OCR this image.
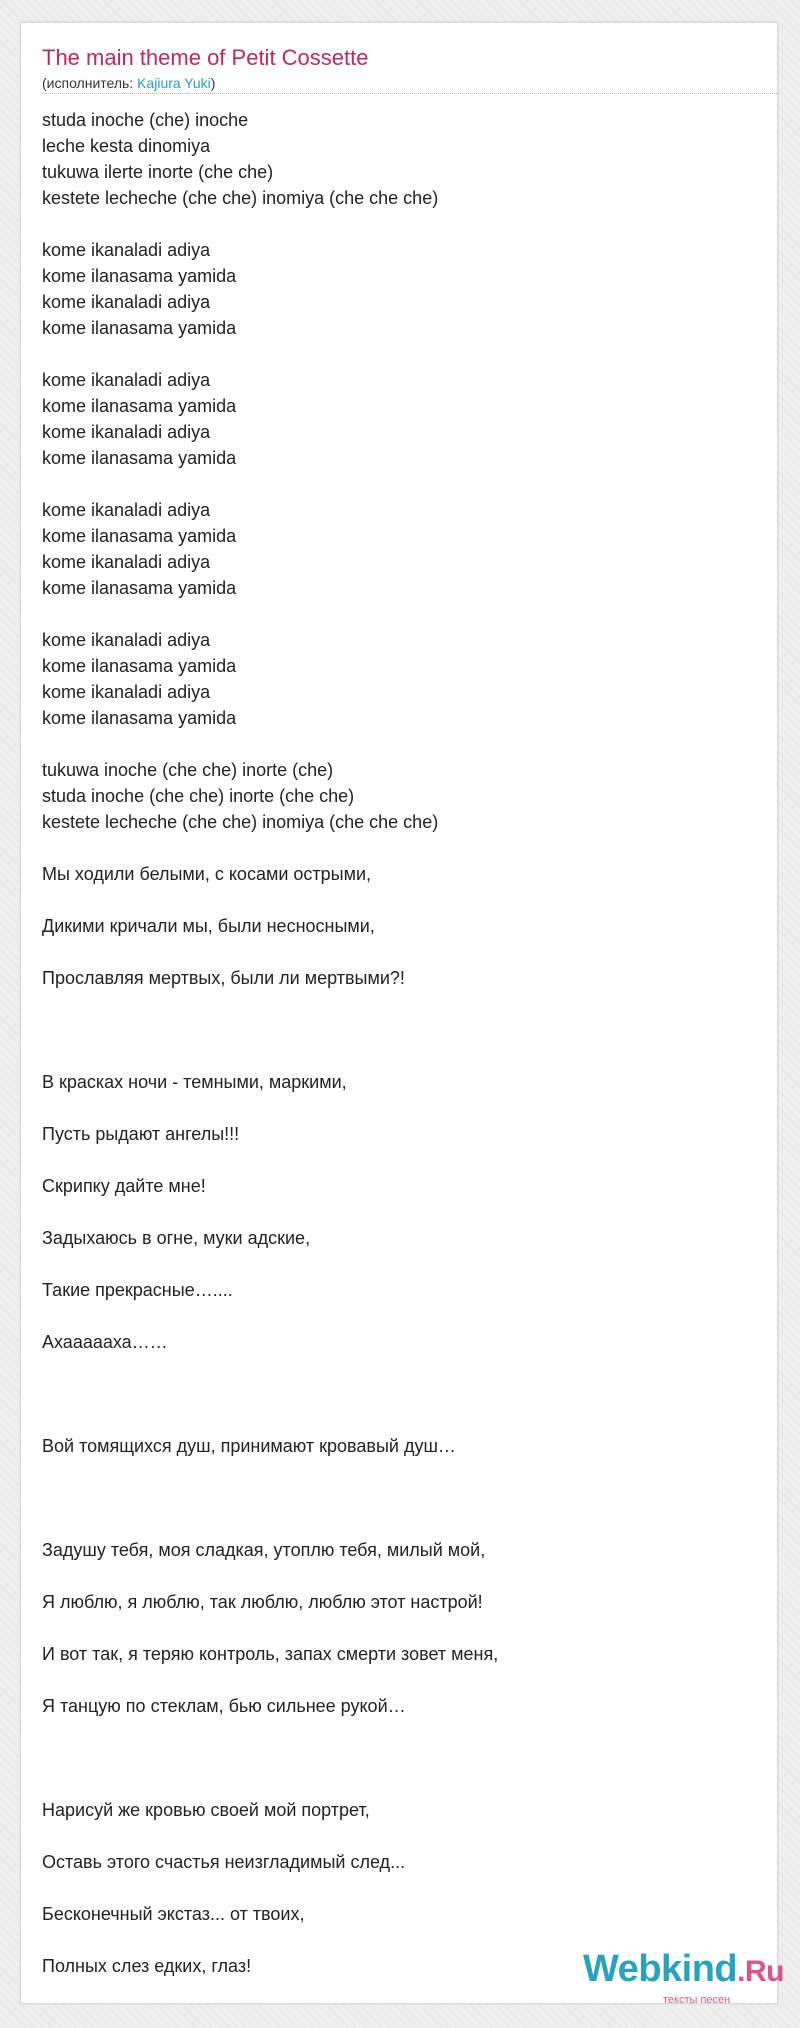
The main theme of Petit Cossette
(исполнитель: Kajiura Yuki)
studa inoche (che) inoche
leche kesta dinomiya
tukuwa ilerte inorte (che che)
kestete lecheche (che che) inomiya (che che che)
kome ikanaladi adiya
kome ilanasama yamida
kome ikanaladi adiya
kome ilanasama yamida
kome ikanaladi adiya
kome ilanasama yamida
kome ikanaladi adiya
kome ilanasama yamida
kome ikanaladi adiya
kome ilanasama yamida
kome ikanaladi adiya
kome ilanasama yamida
kome ikanaladi adiya
kome ilanasama yamida
kome ikanaladi adiya
kome ilanasama yamida
tukuwa inoche (che che) inorte (che)
studa inoche (che che) inorte (che che)
kestete lecheche (che che) inomiya (che che che)
Мы ходили белыми, с косами острыми,
Дикими кричали мы, были несносными,
Прославляя мертвых, были ли мертвыми?!
В красках ночи - темными, маркими,
Пусть рыдают ангелы!!!
Скрипку дайте мне!
Задыхаюсь в огне, муки адские,
Такие прекрасные…....
Ахаааааха……
Вой томящихся душ, принимают кровавый душ…
Задушу тебя, моя сладкая, утоплю тебя, милый мой,
Я люблю, я люблю, так люблю, люблю этот настрой!
И вот так, я теряю контроль, запах смерти зовет меня,
Я танцую по стеклам, бью сильнее рукой…
Нарисуй же кровью своей мой портрет,
Оставь этого счастья неизгладимый след...
Бесконечный экстаз... от твоих,
Полных слез едких, глаз!	Webkind.Ru
тексты песен
